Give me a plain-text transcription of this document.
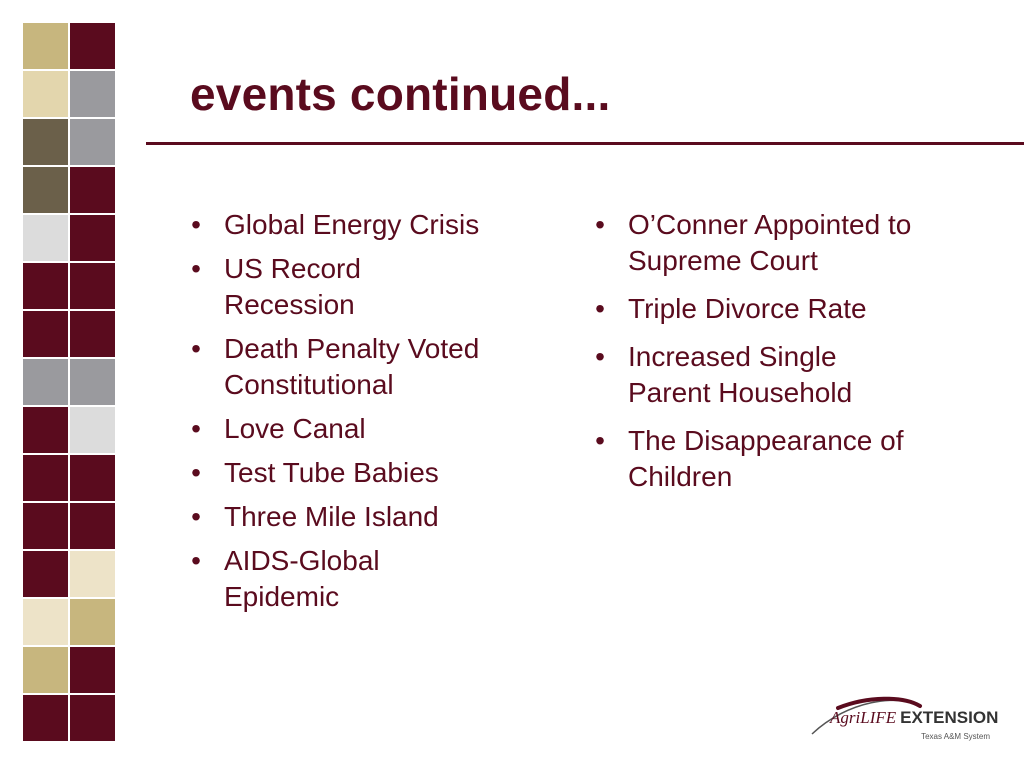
events continued...
• Global Energy Crisis
• US Record Recession
• Death Penalty Voted Constitutional
• Love Canal
• Test Tube Babies
• Three Mile Island
• AIDS-Global Epidemic
• O’Conner Appointed to Supreme Court
• Triple Divorce Rate
• Increased Single Parent Household
• The Disappearance of Children
AgriLIFE EXTENSION
Texas A&M System
